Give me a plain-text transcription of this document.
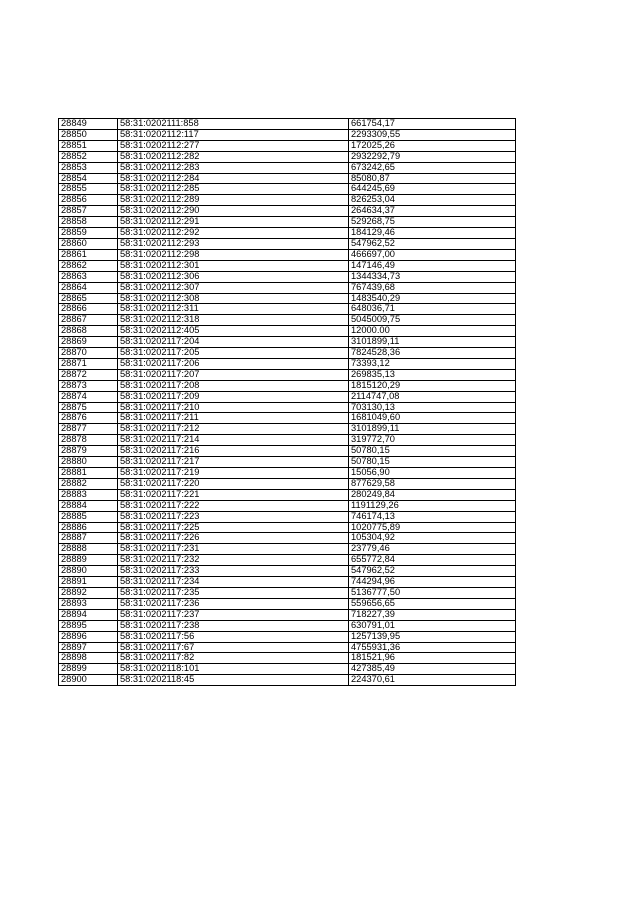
28849	58:31:0202111:858	661754,17
28850	58:31:0202112:117	2293309,55
28851	58:31:0202112:277	172025,26
28852	58:31:0202112:282	2932292,79
28853	58:31:0202112:283	673242,65
28854	58:31:0202112:284	85080,87
28855	58:31:0202112:285	644245,69
28856	58:31:0202112:289	826253,04
28857	58:31:0202112:290	264634,37
28858	58:31:0202112:291	529268,75
28859	58:31:0202112:292	184129,46
28860	58:31:0202112:293	547962,52
28861	58:31:0202112:298	466697,00
28862	58:31:0202112:301	147146,49
28863	58:31:0202112:306	1344334,73
28864	58:31:0202112:307	767439,68
28865	58:31:0202112:308	1483540,29
28866	58:31:0202112:311	648036,71
28867	58:31:0202112:318	5045009,75
28868	58:31:0202112:405	12000.00
28869	58:31:0202117:204	3101899,11
28870	58:31:0202117:205	7824528,36
28871	58:31:0202117:206	73393,12
28872	58:31:0202117:207	269835,13
28873	58:31:0202117:208	1815120,29
28874	58:31:0202117:209	2114747,08
28875	58:31:0202117:210	703130,13
28876	58:31:0202117:211	1681049,60
28877	58:31:0202117:212	3101899,11
28878	58:31:0202117:214	319772,70
28879	58:31:0202117:216	50780,15
28880	58:31:0202117:217	50780,15
28881	58:31:0202117:219	15056,90
28882	58:31:0202117:220	877629,58
28883	58:31:0202117:221	280249,84
28884	58:31:0202117:222	1191129,26
28885	58:31:0202117:223	746174,13
28886	58:31:0202117:225	1020775,89
28887	58:31:0202117:226	105304,92
28888	58:31:0202117:231	23779,46
28889	58:31:0202117:232	655772,84
28890	58:31:0202117:233	547962,52
28891	58:31:0202117:234	744294,96
28892	58:31:0202117:235	5136777,50
28893	58:31:0202117:236	559656,65
28894	58:31:0202117:237	718227,39
28895	58:31:0202117:238	630791,01
28896	58:31:0202117:56	1257139,95
28897	58:31:0202117:67	4755931,36
28898	58:31:0202117:82	181521,96
28899	58:31:0202118:101	427385,49
28900	58:31:0202118:45	224370,61
